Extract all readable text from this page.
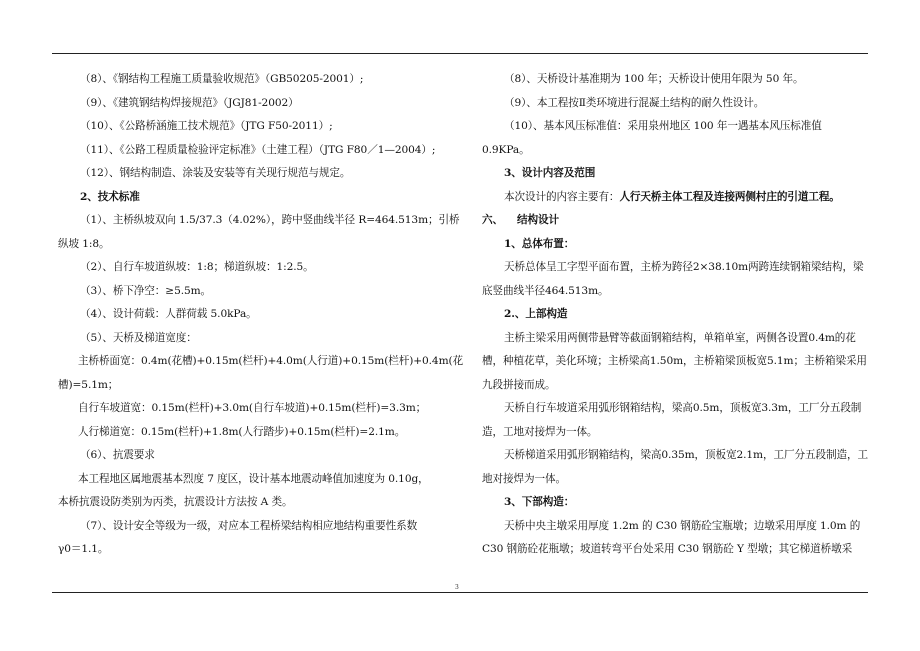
（8）、《钢结构工程施工质量验收规范》（GB50205-2001）;
（9）、《建筑钢结构焊接规范》（JGJ81-2002）
（10）、《公路桥涵施工技术规范》（JTG F50-2011）;
（11）、《公路工程质量检验评定标准》（土建工程）（JTG F80／1—2004）;
（12）、钢结构制造、涂装及安装等有关现行规范与规定。
2、技术标准
（1）、主桥纵坡双向 1.5/37.3（4.02%），跨中竖曲线半径 R=464.513m；引桥
纵坡 1:8。
（2）、自行车坡道纵坡：1:8；梯道纵坡：1:2.5。
（3）、桥下净空：≥5.5m。
（4）、设计荷载：人群荷载 5.0kPa。
（5）、天桥及梯道宽度：
主桥桥面宽：0.4m(花槽)+0.15m(栏杆)+4.0m(人行道)+0.15m(栏杆)+0.4m(花
槽)=5.1m；
自行车坡道宽：0.15m(栏杆)+3.0m(自行车坡道)+0.15m(栏杆)=3.3m；
人行梯道宽：0.15m(栏杆)+1.8m(人行踏步)+0.15m(栏杆)=2.1m。
（6）、抗震要求
本工程地区属地震基本烈度 7 度区，设计基本地震动峰值加速度为 0.10g，
本桥抗震设防类别为丙类，抗震设计方法按 A 类。
（7）、设计安全等级为一级，对应本工程桥梁结构相应地结构重要性系数
γ0＝1.1。
（8）、天桥设计基准期为 100 年；天桥设计使用年限为 50 年。
（9）、本工程按Ⅱ类环境进行混凝土结构的耐久性设计。
（10）、基本风压标准值：采用泉州地区 100 年一遇基本风压标准值
0.9KPa。
3、设计内容及范围
本次设计的内容主要有：人行天桥主体工程及连接两侧村庄的引道工程。
六、 结构设计
1、总体布置：
天桥总体呈工字型平面布置，主桥为跨径2×38.10m两跨连续钢箱梁结构，梁
底竖曲线半径464.513m。
2.、上部构造
主桥主梁采用两侧带悬臂等截面钢箱结构，单箱单室，两侧各设置0.4m的花
槽，种植花草，美化环境；主桥梁高1.50m，主桥箱梁顶板宽5.1m；主桥箱梁采用
九段拼接而成。
天桥自行车坡道采用弧形钢箱结构，梁高0.5m，顶板宽3.3m，工厂分五段制
造，工地对接焊为一体。
天桥梯道采用弧形钢箱结构，梁高0.35m，顶板宽2.1m，工厂分五段制造，工
地对接焊为一体。
3、下部构造：
天桥中央主墩采用厚度 1.2m 的 C30 钢筋砼宝瓶墩；边墩采用厚度 1.0m 的
C30 钢筋砼花瓶墩；坡道转弯平台处采用 C30 钢筋砼 Y 型墩；其它梯道桥墩采
3
